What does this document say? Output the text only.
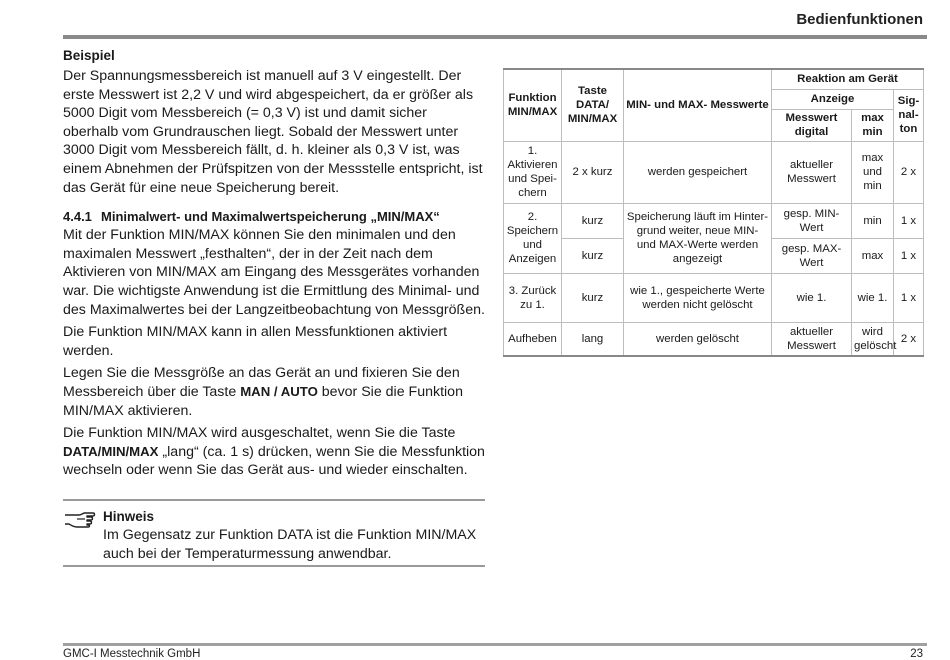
Bedienfunktionen
Beispiel

Der Spannungsmessbereich ist manuell auf 3 V eingestellt. Der erste Messwert ist 2,2 V und wird abgespeichert, da er größer als 5000 Digit vom Messbereich (= 0,3 V) ist und damit sicher oberhalb vom Grundrauschen liegt. Sobald der Messwert unter 3000 Digit vom Messbereich fällt, d. h. kleiner als 0,3 V ist, was einem Abnehmen der Prüfspitzen von der Messstelle entspricht, ist das Gerät für eine neue Speicherung bereit.

4.4.1 Minimalwert- und Maximalwertspeicherung „MIN/MAX“

Mit der Funktion MIN/MAX können Sie den minimalen und den maximalen Messwert „festhalten“, der in der Zeit nach dem Aktivieren von MIN/MAX am Eingang des Messgerätes vorhanden war. Die wichtigste Anwendung ist die Ermittlung des Minimal- und des Maximalwertes bei der Langzeitbeobachtung von Messgrößen.

Die Funktion MIN/MAX kann in allen Messfunktionen aktiviert werden.

Legen Sie die Messgröße an das Gerät an und fixieren Sie den Messbereich über die Taste MAN / AUTO bevor Sie die Funktion MIN/MAX aktivieren.

Die Funktion MIN/MAX wird ausgeschaltet, wenn Sie die Taste DATA/MIN/MAX „lang“ (ca. 1 s) drücken, wenn Sie die Messfunktion wechseln oder wenn Sie das Gerät aus- und wieder einschalten.

Hinweis
Im Gegensatz zur Funktion DATA ist die Funktion MIN/MAX auch bei der Temperaturmessung anwendbar.
Funktion MIN/MAX	Taste DATA/ MIN/MAX	MIN- und MAX- Messwerte	Reaktion am Gerät		
			Anzeige		Sig- nal- ton
			Messwert digital	max min	
1. Aktivieren und Spei- chern	2 x kurz	werden gespeichert	aktueller Messwert	max und min	2 x
2. Speichern und Anzeigen	kurz	Speicherung läuft im Hinter- grund weiter, neue MIN- und MAX-Werte werden angezeigt	gesp. MIN- Wert	min	1 x
	kurz		gesp. MAX- Wert	max	1 x
3. Zurück zu 1.	kurz	wie 1., gespeicherte Werte werden nicht gelöscht	wie 1.	wie 1.	1 x
Aufheben	lang	werden gelöscht	aktueller Messwert	wird gelöscht	2 x
GMC-I Messtechnik GmbH	23
